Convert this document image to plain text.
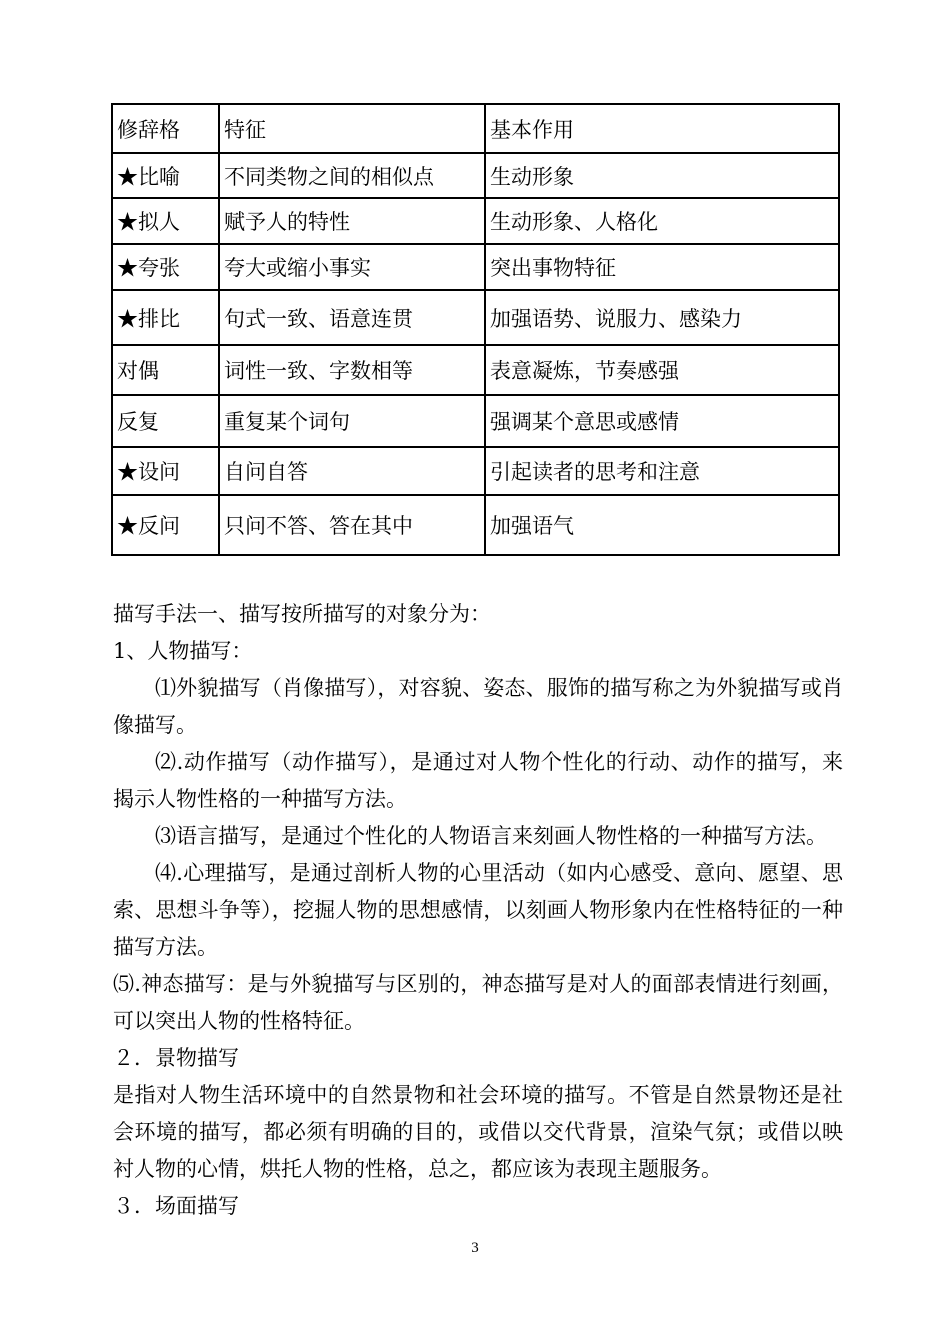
修辞格	特征	基本作用
★比喻	不同类物之间的相似点	生动形象
★拟人	赋予人的特性	生动形象、人格化
★夸张	夸大或缩小事实	突出事物特征
★排比	句式一致、语意连贯	加强语势、说服力、感染力
对偶	词性一致、字数相等	表意凝炼，节奏感强
反复	重复某个词句	强调某个意思或感情
★设问	自问自答	引起读者的思考和注意
★反问	只问不答、答在其中	加强语气

描写手法一、描写按所描写的对象分为：

1、人物描写：

⑴外貌描写（肖像描写），对容貌、姿态、服饰的描写称之为外貌描写或肖像描写。

⑵.动作描写（动作描写），是通过对人物个性化的行动、动作的描写，来揭示人物性格的一种描写方法。

⑶语言描写，是通过个性化的人物语言来刻画人物性格的一种描写方法。

⑷.心理描写，是通过剖析人物的心里活动（如内心感受、意向、愿望、思索、思想斗争等），挖掘人物的思想感情，以刻画人物形象内在性格特征的一种描写方法。

⑸.神态描写：是与外貌描写与区别的，神态描写是对人的面部表情进行刻画，可以突出人物的性格特征。

２．景物描写

是指对人物生活环境中的自然景物和社会环境的描写。不管是自然景物还是社会环境的描写，都必须有明确的目的，或借以交代背景，渲染气氛；或借以映衬人物的心情，烘托人物的性格，总之，都应该为表现主题服务。

３．场面描写

3
